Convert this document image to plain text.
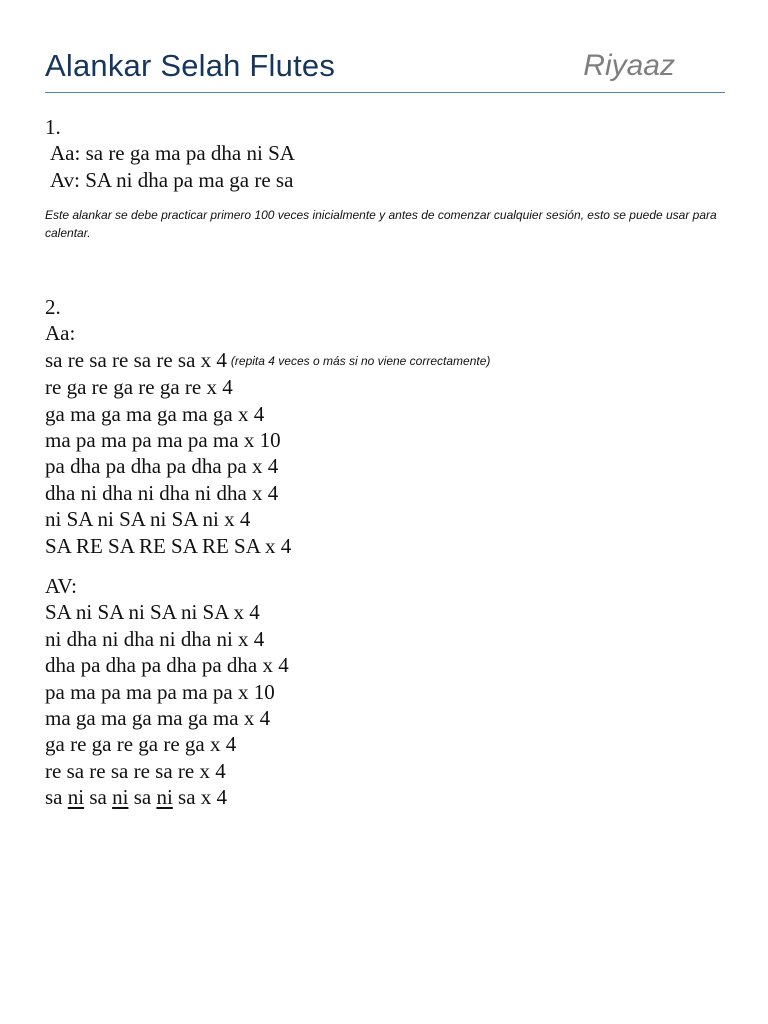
Alankar Selah Flutes	Riyaaz
1.
Aa: sa re ga ma pa dha ni SA
Av: SA ni dha pa ma ga re sa
Este alankar se debe practicar primero 100 veces inicialmente y antes de comenzar cualquier sesión, esto se puede usar para calentar.
2.
Aa:
sa re sa re sa re sa x 4 (repita 4 veces o más si no viene correctamente)
re ga re ga re ga re x 4
ga ma ga ma ga ma ga x 4
ma pa ma pa ma pa ma x 10
pa dha pa dha pa dha pa x 4
dha ni dha ni dha ni dha x 4
ni SA ni SA ni SA ni x 4
SA RE SA RE SA RE SA x 4
AV:
SA ni SA ni SA ni SA x 4
ni dha ni dha ni dha ni x 4
dha pa dha pa dha pa dha x 4
pa ma pa ma pa ma pa x 10
ma ga ma ga ma ga ma x 4
ga re ga re ga re ga x 4
re sa re sa re sa re x 4
sa ni sa ni sa ni sa x 4
